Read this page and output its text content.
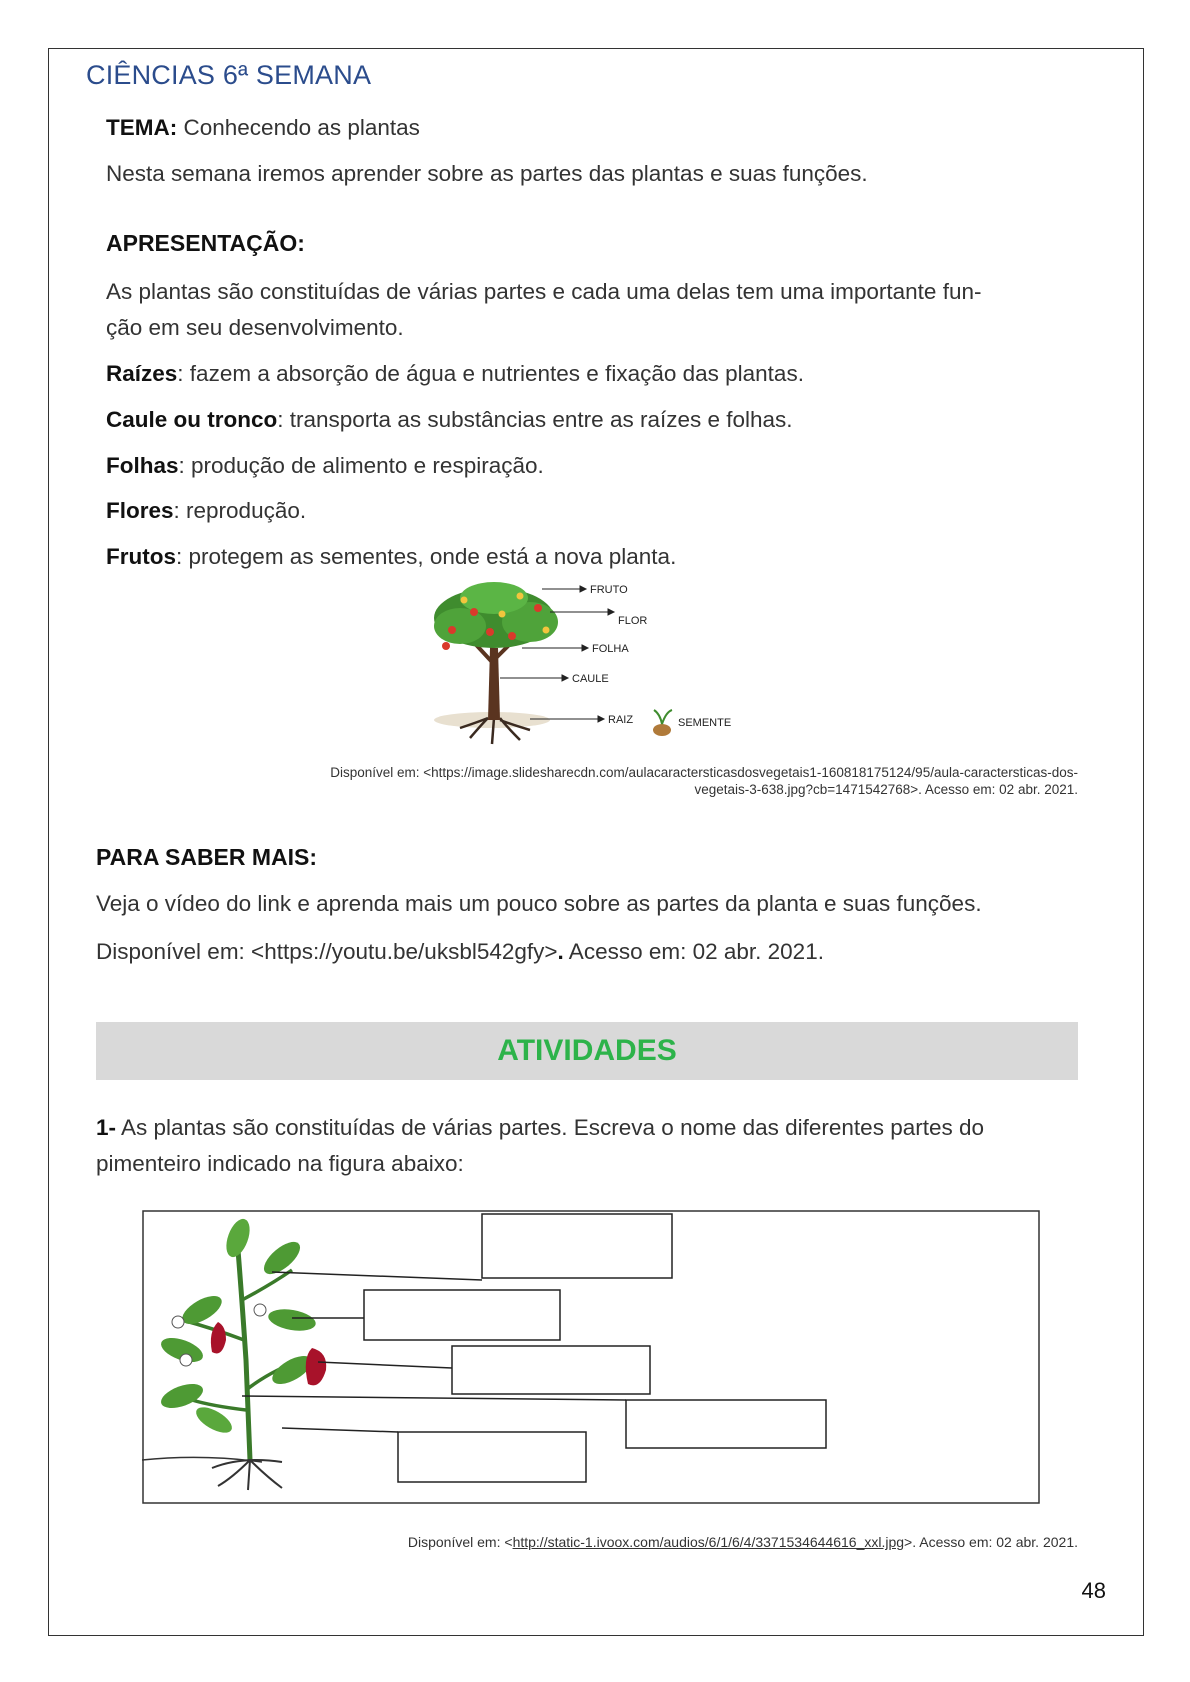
CIÊNCIAS 6ª SEMANA
TEMA: Conhecendo as plantas
Nesta semana iremos aprender sobre as partes das plantas e suas funções.
APRESENTAÇÃO:
As plantas são constituídas de várias partes e cada uma delas tem uma importante fun-
ção em seu desenvolvimento.
Raízes: fazem a absorção de água e nutrientes e fixação das plantas.
Caule ou tronco: transporta as substâncias entre as raízes e folhas.
Folhas: produção de alimento e respiração.
Flores: reprodução.
Frutos: protegem as sementes, onde está a nova planta.
FRUTO
FLOR
FOLHA
CAULE
RAIZ	SEMENTE
Disponível em: <https://image.slidesharecdn.com/aulacaractersticasdosvegetais1-160818175124/95/aula-caractersticas-dos-
vegetais-3-638.jpg?cb=1471542768>. Acesso em: 02 abr. 2021.
PARA SABER MAIS:
Veja o vídeo do link e aprenda mais um pouco sobre as partes da planta e suas funções.
Disponível em: <https://youtu.be/uksbl542gfy>. Acesso em: 02 abr. 2021.
ATIVIDADES
1- As plantas são constituídas de várias partes. Escreva o nome das diferentes partes do
pimenteiro indicado na figura abaixo:
Disponível em: <http://static-1.ivoox.com/audios/6/1/6/4/3371534644616_xxl.jpg>. Acesso em: 02 abr. 2021.
48
